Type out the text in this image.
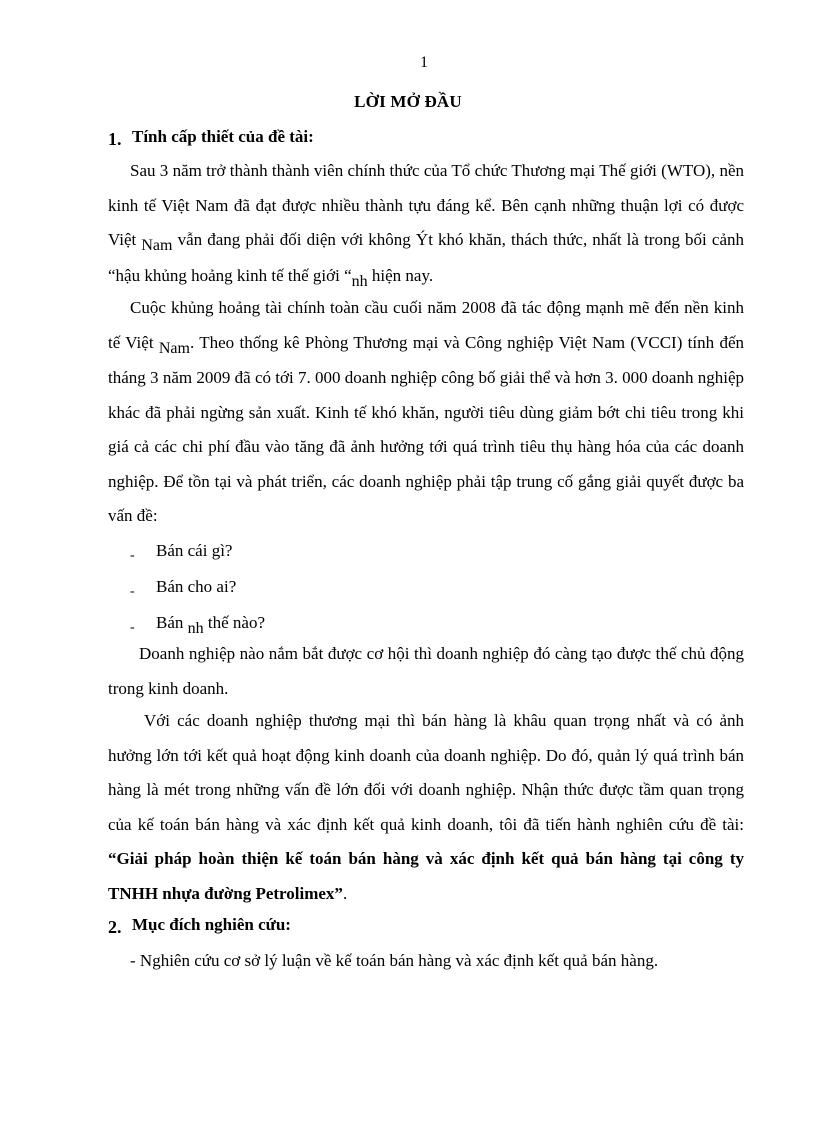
1
LỜI MỞ ĐẦU
1. Tính cấp thiết của đề tài:

Sau 3 năm trở thành thành viên chính thức của Tổ chức Thương mại Thế giới (WTO), nền kinh tế Việt Nam đã đạt được nhiều thành tựu đáng kể. Bên cạnh những thuận lợi có được Việt Nam vẫn đang phải đối diện với không Ýt khó khăn, thách thức, nhất là trong bối cảnh “hậu khủng hoảng kinh tế thế giới “nh hiện nay.

Cuộc khủng hoảng tài chính toàn cầu cuối năm 2008 đã tác động mạnh mẽ đến nền kinh tế Việt Nam. Theo thống kê Phòng Thương mại và Công nghiệp Việt Nam (VCCI) tính đến tháng 3 năm 2009 đã có tới 7. 000 doanh nghiệp công bố giải thể và hơn 3. 000 doanh nghiệp khác đã phải ngừng sản xuất. Kinh tế khó khăn, người tiêu dùng giảm bớt chi tiêu trong khi giá cả các chi phí đầu vào tăng đã ảnh hưởng tới quá trình tiêu thụ hàng hóa của các doanh nghiệp. Để tồn tại và phát triển, các doanh nghiệp phải tập trung cố gắng giải quyết được ba vấn đề:

- Bán cái gì?
- Bán cho ai?
- Bán nh thế nào?

Doanh nghiệp nào nắm bắt được cơ hội thì doanh nghiệp đó càng tạo được thế chủ động trong kinh doanh.

Với các doanh nghiệp thương mại thì bán hàng là khâu quan trọng nhất và có ảnh hưởng lớn tới kết quả hoạt động kinh doanh của doanh nghiệp. Do đó, quản lý quá trình bán hàng là mét trong những vấn đề lớn đối với doanh nghiệp. Nhận thức được tầm quan trọng của kế toán bán hàng và xác định kết quả kinh doanh, tôi đã tiến hành nghiên cứu đề tài: “Giải pháp hoàn thiện kế toán bán hàng và xác định kết quả bán hàng tại công ty TNHH nhựa đường Petrolimex”.

2. Mục đích nghiên cứu:
- Nghiên cứu cơ sở lý luận về kế toán bán hàng và xác định kết quả bán hàng.
